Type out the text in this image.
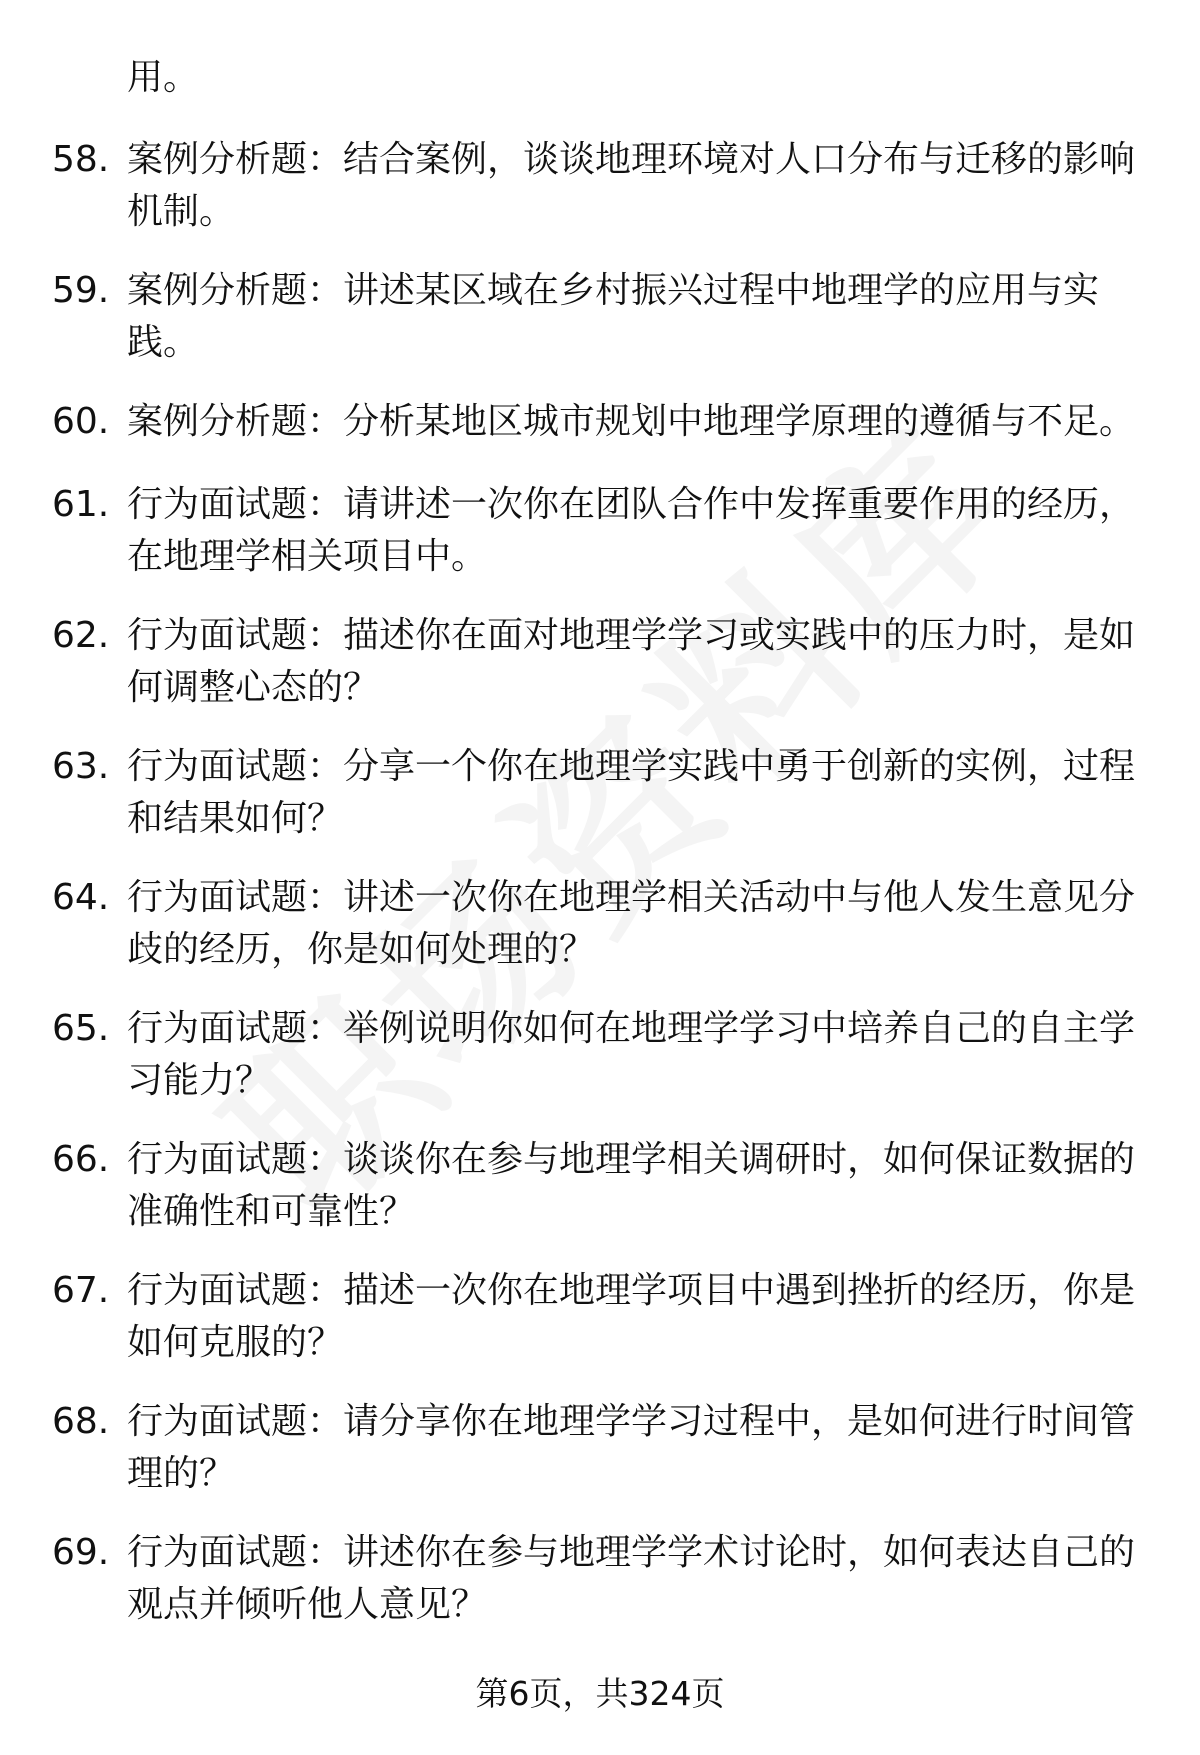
用。
58. 案例分析题：结合案例，谈谈地理环境对人口分布与迁移的影响机制。
59. 案例分析题：讲述某区域在乡村振兴过程中地理学的应用与实践。
60. 案例分析题：分析某地区城市规划中地理学原理的遵循与不足。
61. 行为面试题：请讲述一次你在团队合作中发挥重要作用的经历，在地理学相关项目中。
62. 行为面试题：描述你在面对地理学学习或实践中的压力时，是如何调整心态的？
63. 行为面试题：分享一个你在地理学实践中勇于创新的实例，过程和结果如何？
64. 行为面试题：讲述一次你在地理学相关活动中与他人发生意见分歧的经历，你是如何处理的？
65. 行为面试题：举例说明你如何在地理学学习中培养自己的自主学习能力？
66. 行为面试题：谈谈你在参与地理学相关调研时，如何保证数据的准确性和可靠性？
67. 行为面试题：描述一次你在地理学项目中遇到挫折的经历，你是如何克服的？
68. 行为面试题：请分享你在地理学学习过程中，是如何进行时间管理的？
69. 行为面试题：讲述你在参与地理学学术讨论时，如何表达自己的观点并倾听他人意见？
第6页，共324页
